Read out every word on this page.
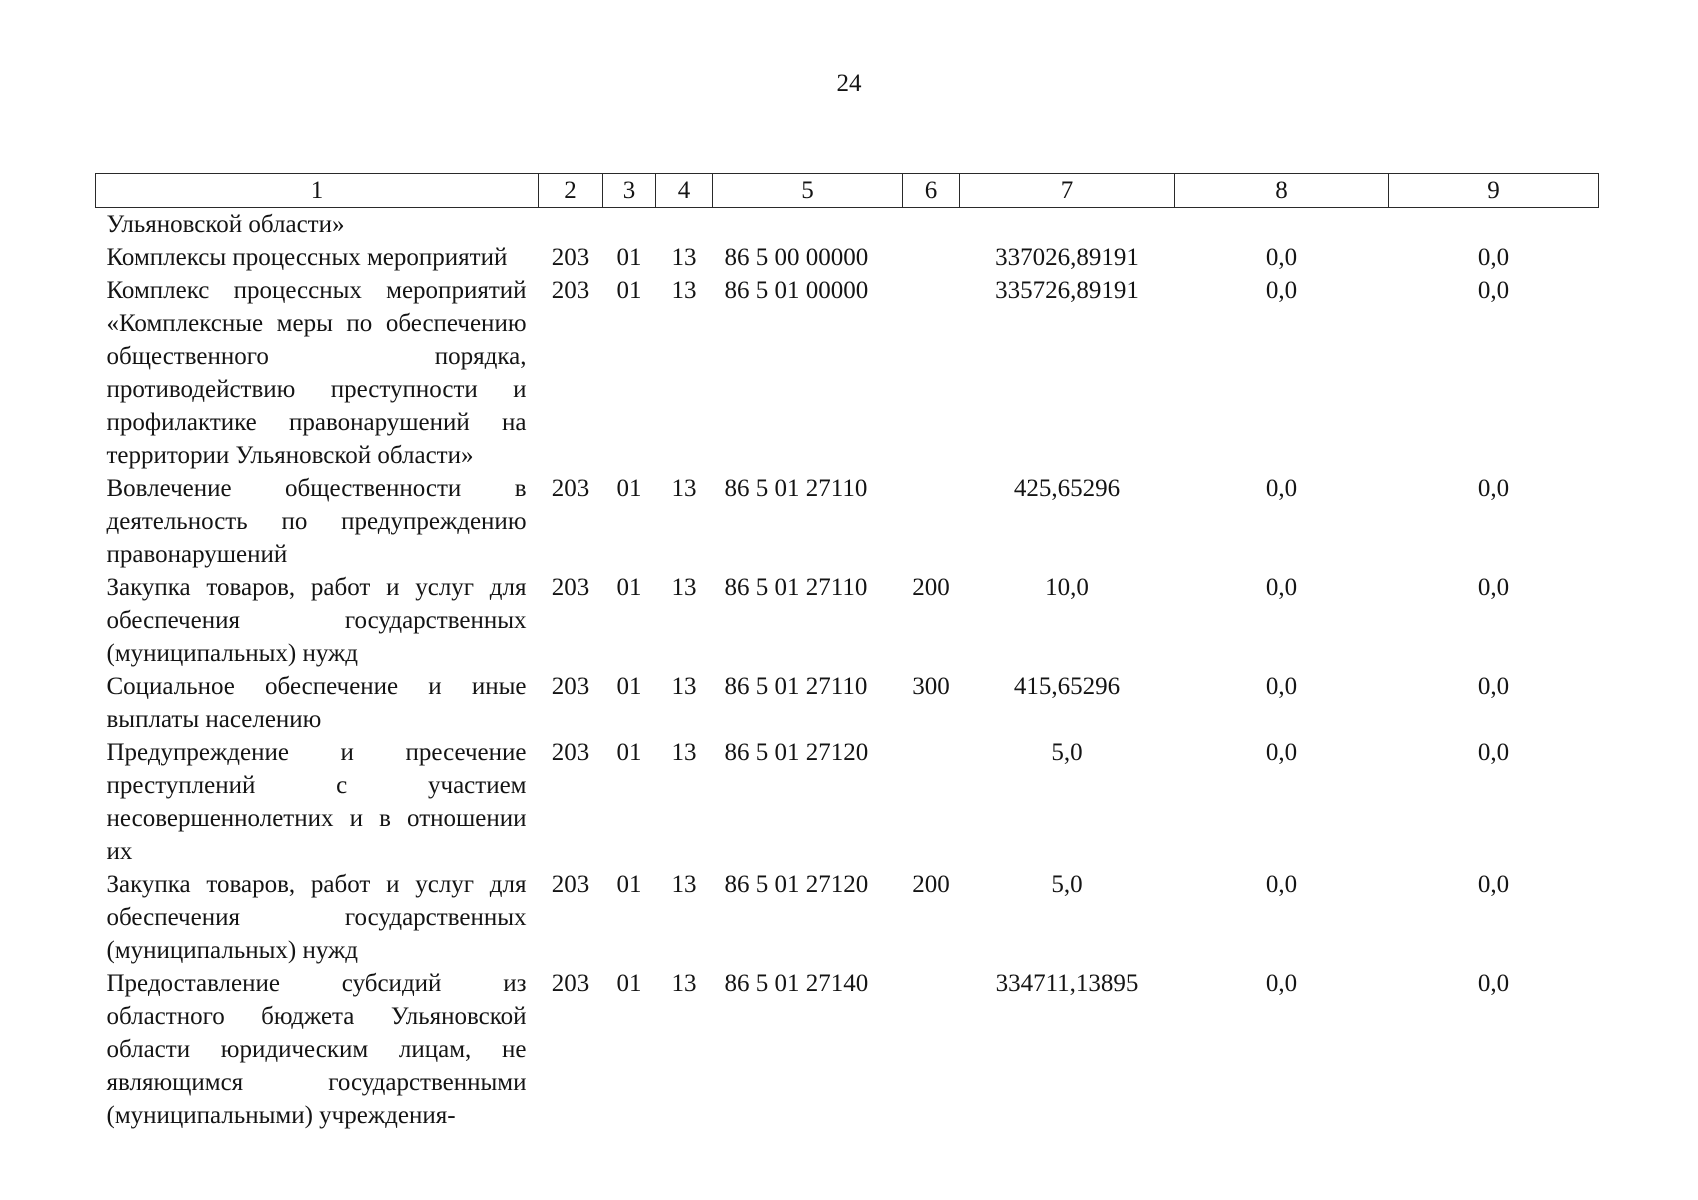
24
1	2	3	4	5	6	7	8	9
Ульяновской области»								
Комплексы процессных мероприятий	203	01	13	86 5 00 00000		337026,89191	0,0	0,0
Комплекс процессных мероприятий «Комплексные меры по обеспечению общественного порядка, противодействию преступности и профилактике правонарушений на территории Ульяновской области»	203	01	13	86 5 01 00000		335726,89191	0,0	0,0
Вовлечение общественности в деятельность по предупреждению правонарушений	203	01	13	86 5 01 27110		425,65296	0,0	0,0
Закупка товаров, работ и услуг для обеспечения государственных (муниципальных) нужд	203	01	13	86 5 01 27110	200	10,0	0,0	0,0
Социальное обеспечение и иные выплаты населению	203	01	13	86 5 01 27110	300	415,65296	0,0	0,0
Предупреждение и пресечение преступлений с участием несовершеннолетних и в отношении их	203	01	13	86 5 01 27120		5,0	0,0	0,0
Закупка товаров, работ и услуг для обеспечения государственных (муниципальных) нужд	203	01	13	86 5 01 27120	200	5,0	0,0	0,0
Предоставление субсидий из областного бюджета Ульяновской области юридическим лицам, не являющимся государственными (муниципальными) учреждения-	203	01	13	86 5 01 27140		334711,13895	0,0	0,0
